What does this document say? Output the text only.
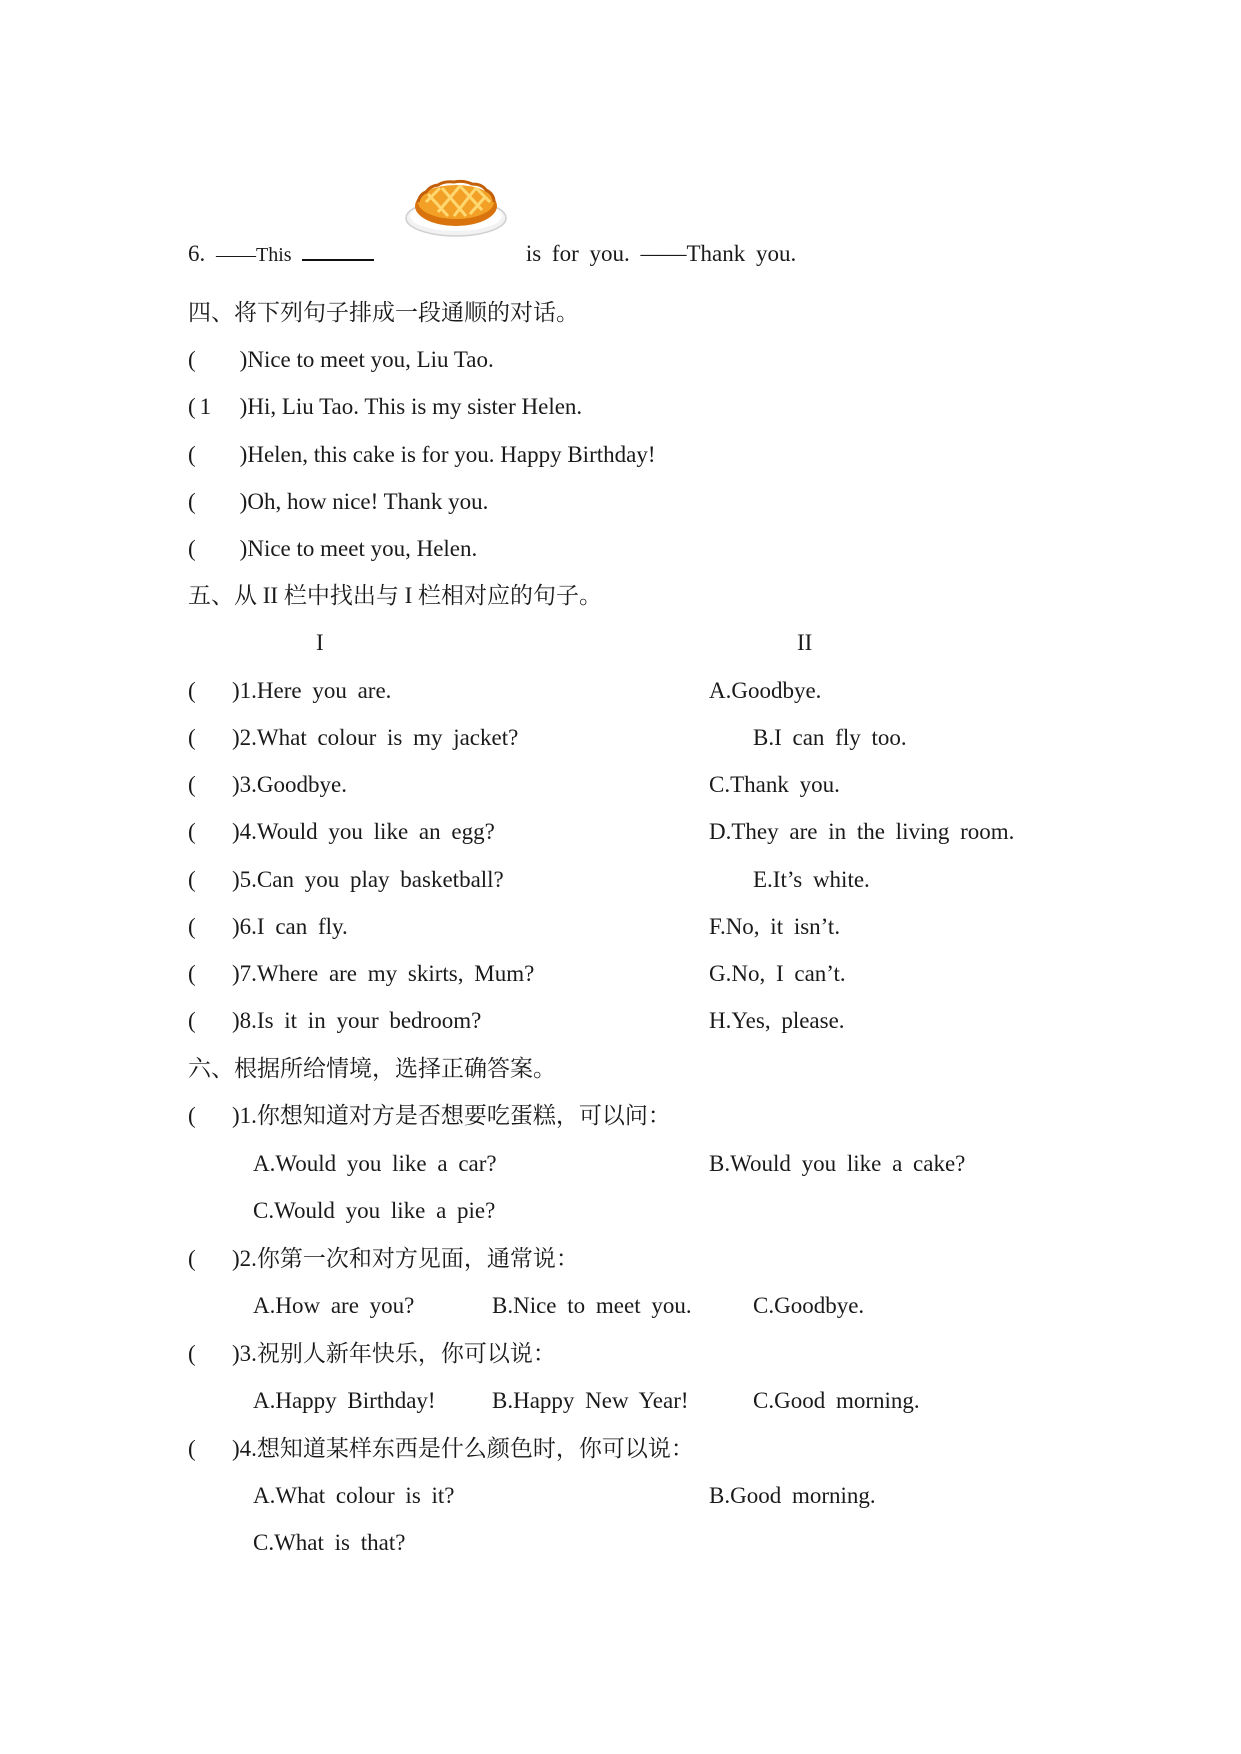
6. ——This	is for you. ——Thank you.
四、将下列句子排成一段通顺的对话。
( )Nice to meet you, Liu Tao.
( 1 )Hi, Liu Tao. This is my sister Helen.
( )Helen, this cake is for you. Happy Birthday!
( )Oh, how nice! Thank you.
( )Nice to meet you, Helen.
五、从 II 栏中找出与 I 栏相对应的句子。
I	II
( )1.Here you are.	A.Goodbye.
( )2.What colour is my jacket?	B.I can fly too.
( )3.Goodbye.	C.Thank you.
( )4.Would you like an egg?	D.They are in the living room.
( )5.Can you play basketball?	E.It’s white.
( )6.I can fly.	F.No, it isn’t.
( )7.Where are my skirts, Mum?	G.No, I can’t.
( )8.Is it in your bedroom?	H.Yes, please.
六、根据所给情境，选择正确答案。
( )1.你想知道对方是否想要吃蛋糕，可以问：
A.Would you like a car?	B.Would you like a cake?
C.Would you like a pie?
( )2.你第一次和对方见面，通常说：
A.How are you?	B.Nice to meet you.	C.Goodbye.
( )3.祝别人新年快乐，你可以说：
A.Happy Birthday! B.Happy New Year!	C.Good morning.
( )4.想知道某样东西是什么颜色时，你可以说：
A.What colour is it?	B.Good morning.
C.What is that?
